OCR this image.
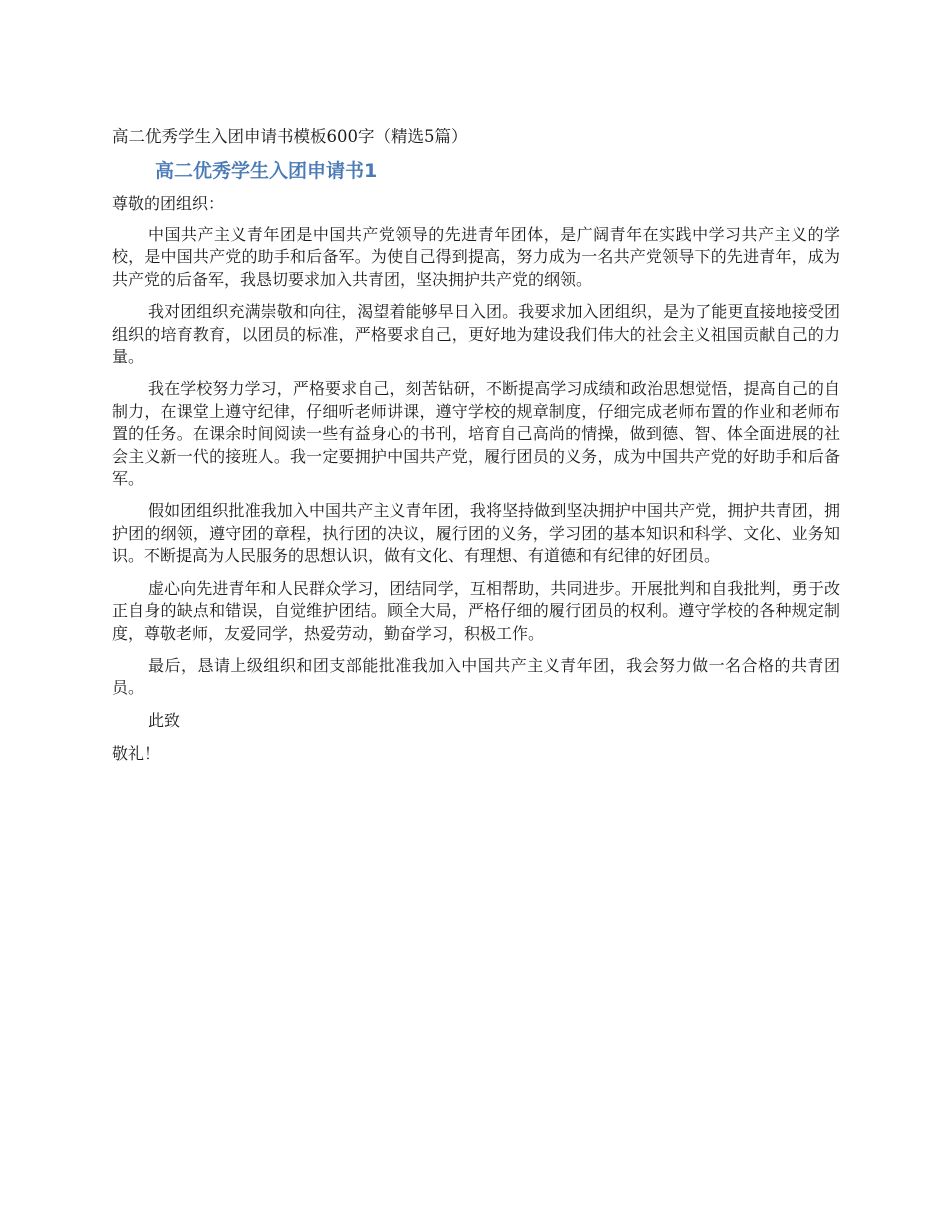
高二优秀学生入团申请书模板600字（精选5篇）
高二优秀学生入团申请书1
尊敬的团组织：

中国共产主义青年团是中国共产党领导的先进青年团体，是广阔青年在实践中学习共产主义的学校，是中国共产党的助手和后备军。为使自己得到提高，努力成为一名共产党领导下的先进青年，成为共产党的后备军，我恳切要求加入共青团，坚决拥护共产党的纲领。

我对团组织充满崇敬和向往，渴望着能够早日入团。我要求加入团组织，是为了能更直接地接受团组织的培育教育，以团员的标准，严格要求自己，更好地为建设我们伟大的社会主义祖国贡献自己的力量。

我在学校努力学习，严格要求自己，刻苦钻研，不断提高学习成绩和政治思想觉悟，提高自己的自制力，在课堂上遵守纪律，仔细听老师讲课，遵守学校的规章制度，仔细完成老师布置的作业和老师布置的任务。在课余时间阅读一些有益身心的书刊，培育自己高尚的情操，做到德、智、体全面进展的社会主义新一代的接班人。我一定要拥护中国共产党，履行团员的义务，成为中国共产党的好助手和后备军。

假如团组织批准我加入中国共产主义青年团，我将坚持做到坚决拥护中国共产党，拥护共青团，拥护团的纲领，遵守团的章程，执行团的决议，履行团的义务，学习团的基本知识和科学、文化、业务知识。不断提高为人民服务的思想认识，做有文化、有理想、有道德和有纪律的好团员。

虚心向先进青年和人民群众学习，团结同学，互相帮助，共同进步。开展批判和自我批判，勇于改正自身的缺点和错误，自觉维护团结。顾全大局，严格仔细的履行团员的权利。遵守学校的各种规定制度，尊敬老师，友爱同学，热爱劳动，勤奋学习，积极工作。

最后，恳请上级组织和团支部能批准我加入中国共产主义青年团，我会努力做一名合格的共青团员。

此致
敬礼！
